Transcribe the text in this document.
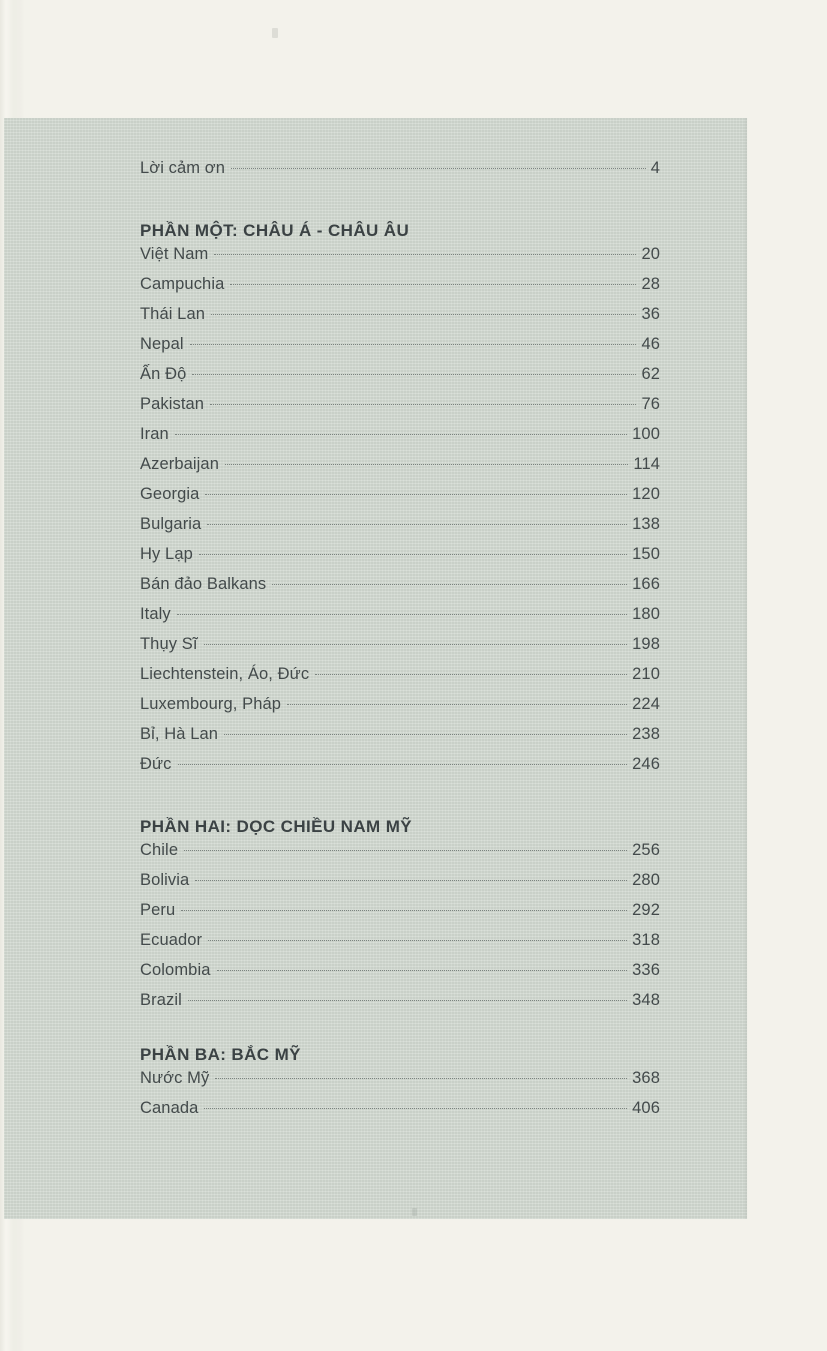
Lời cảm ơn	4
PHẦN MỘT: CHÂU Á - CHÂU ÂU
Việt Nam	20
Campuchia	28
Thái Lan	36
Nepal	46
Ấn Độ	62
Pakistan	76
Iran	100
Azerbaijan	114
Georgia	120
Bulgaria	138
Hy Lạp	150
Bán đảo Balkans	166
Italy	180
Thụy Sĩ	198
Liechtenstein, Áo, Đức	210
Luxembourg, Pháp	224
Bỉ, Hà Lan	238
Đức	246
PHẦN HAI: DỌC CHIỀU NAM MỸ
Chile	256
Bolivia	280
Peru	292
Ecuador	318
Colombia	336
Brazil	348
PHẦN BA: BẮC MỸ
Nước Mỹ	368
Canada	406
